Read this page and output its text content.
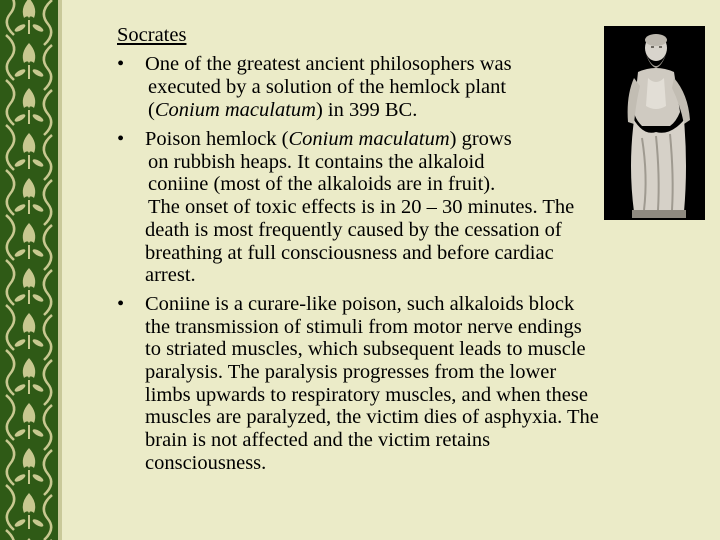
Socrates
• One of the greatest ancient philosophers was
executed by a solution of the hemlock plant
(Conium maculatum) in 399 BC.
• Poison hemlock (Conium maculatum) grows
on rubbish heaps. It contains the alkaloid
coniine (most of the alkaloids are in fruit).
The onset of toxic effects is in 20 – 30 minutes. The
death is most frequently caused by the cessation of
breathing at full consciousness and before cardiac
arrest.
• Coniine is a curare-like poison, such alkaloids block
the transmission of stimuli from motor nerve endings
to striated muscles, which subsequent leads to muscle
paralysis. The paralysis progresses from the lower
limbs upwards to respiratory muscles, and when these
muscles are paralyzed, the victim dies of asphyxia. The
brain is not affected and the victim retains
consciousness.
